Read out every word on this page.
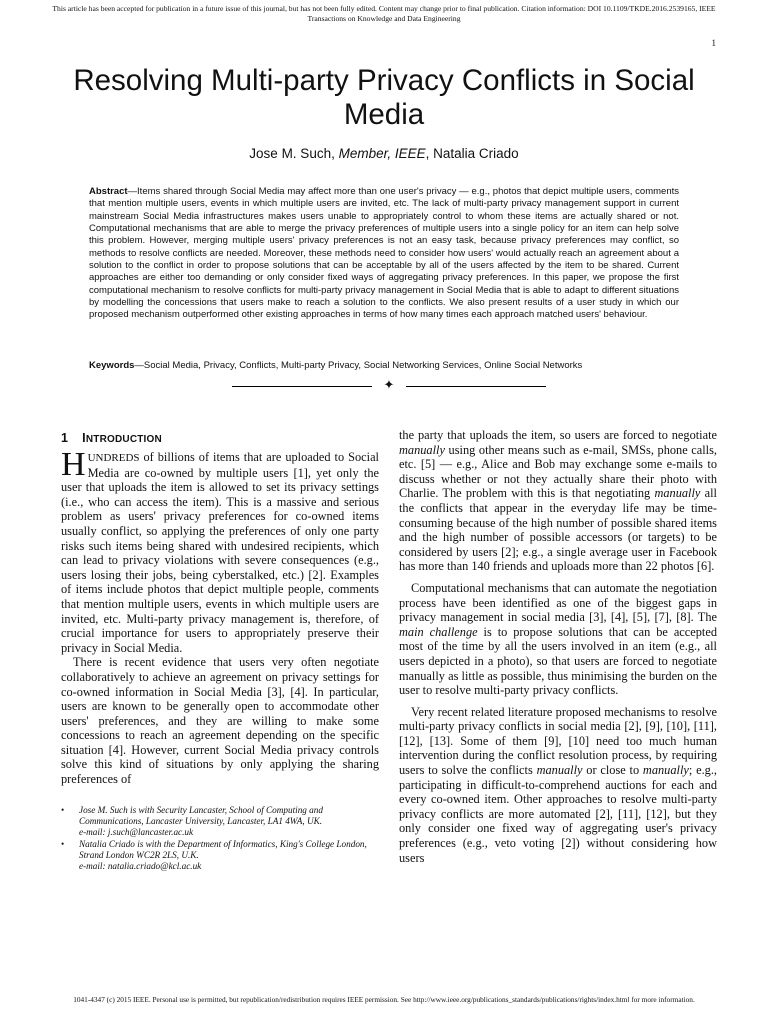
This article has been accepted for publication in a future issue of this journal, but has not been fully edited. Content may change prior to final publication. Citation information: DOI 10.1109/TKDE.2016.2539165, IEEE
Transactions on Knowledge and Data Engineering
1
Resolving Multi-party Privacy Conflicts in Social Media
Jose M. Such, Member, IEEE, Natalia Criado

Abstract—Items shared through Social Media may affect more than one user's privacy — e.g., photos that depict multiple users, comments that mention multiple users, events in which multiple users are invited, etc. The lack of multi-party privacy management support in current mainstream Social Media infrastructures makes users unable to appropriately control to whom these items are actually shared or not. Computational mechanisms that are able to merge the privacy preferences of multiple users into a single policy for an item can help solve this problem. However, merging multiple users' privacy preferences is not an easy task, because privacy preferences may conflict, so methods to resolve conflicts are needed. Moreover, these methods need to consider how users' would actually reach an agreement about a solution to the conflict in order to propose solutions that can be acceptable by all of the users affected by the item to be shared. Current approaches are either too demanding or only consider fixed ways of aggregating privacy preferences. In this paper, we propose the first computational mechanism to resolve conflicts for multi-party privacy management in Social Media that is able to adapt to different situations by modelling the concessions that users make to reach a solution to the conflicts. We also present results of a user study in which our proposed mechanism outperformed other existing approaches in terms of how many times each approach matched users' behaviour.

Keywords—Social Media, Privacy, Conflicts, Multi-party Privacy, Social Networking Services, Online Social Networks

✦
1 INTRODUCTION

HUNDREDS of billions of items that are uploaded to Social Media are co-owned by multiple users [1], yet only the user that uploads the item is allowed to set its privacy settings (i.e., who can access the item). This is a massive and serious problem as users' privacy preferences for co-owned items usually conflict, so applying the preferences of only one party risks such items being shared with undesired recipients, which can lead to privacy violations with severe consequences (e.g., users losing their jobs, being cyberstalked, etc.) [2]. Examples of items include photos that depict multiple people, comments that mention multiple users, events in which multiple users are invited, etc. Multi-party privacy management is, therefore, of crucial importance for users to appropriately preserve their privacy in Social Media.

There is recent evidence that users very often negotiate collaboratively to achieve an agreement on privacy settings for co-owned information in Social Media [3], [4]. In particular, users are known to be generally open to accommodate other users' preferences, and they are willing to make some concessions to reach an agreement depending on the specific situation [4]. However, current Social Media privacy controls solve this kind of situations by only applying the sharing preferences of

the party that uploads the item, so users are forced to negotiate manually using other means such as e-mail, SMSs, phone calls, etc. [5] — e.g., Alice and Bob may exchange some e-mails to discuss whether or not they actually share their photo with Charlie. The problem with this is that negotiating manually all the conflicts that appear in the everyday life may be time-consuming because of the high number of possible shared items and the high number of possible accessors (or targets) to be considered by users [2]; e.g., a single average user in Facebook has more than 140 friends and uploads more than 22 photos [6].

Computational mechanisms that can automate the negotiation process have been identified as one of the biggest gaps in privacy management in social media [3], [4], [5], [7], [8]. The main challenge is to propose solutions that can be accepted most of the time by all the users involved in an item (e.g., all users depicted in a photo), so that users are forced to negotiate manually as little as possible, thus minimising the burden on the user to resolve multi-party privacy conflicts.

Very recent related literature proposed mechanisms to resolve multi-party privacy conflicts in social media [2], [9], [10], [11], [12], [13]. Some of them [9], [10] need too much human intervention during the conflict resolution process, by requiring users to solve the conflicts manually or close to manually; e.g., participating in difficult-to-comprehend auctions for each and every co-owned item. Other approaches to resolve multi-party privacy conflicts are more automated [2], [11], [12], but they only consider one fixed way of aggregating user's privacy preferences (e.g., veto voting [2]) without considering how users

• Jose M. Such is with Security Lancaster, School of Computing and Communications, Lancaster University, Lancaster, LA1 4WA, UK.
e-mail: j.such@lancaster.ac.uk
• Natalia Criado is with the Department of Informatics, King's College London, Strand London WC2R 2LS, U.K.
e-mail: natalia.criado@kcl.ac.uk
1041-4347 (c) 2015 IEEE. Personal use is permitted, but republication/redistribution requires IEEE permission. See http://www.ieee.org/publications_standards/publications/rights/index.html for more information.
